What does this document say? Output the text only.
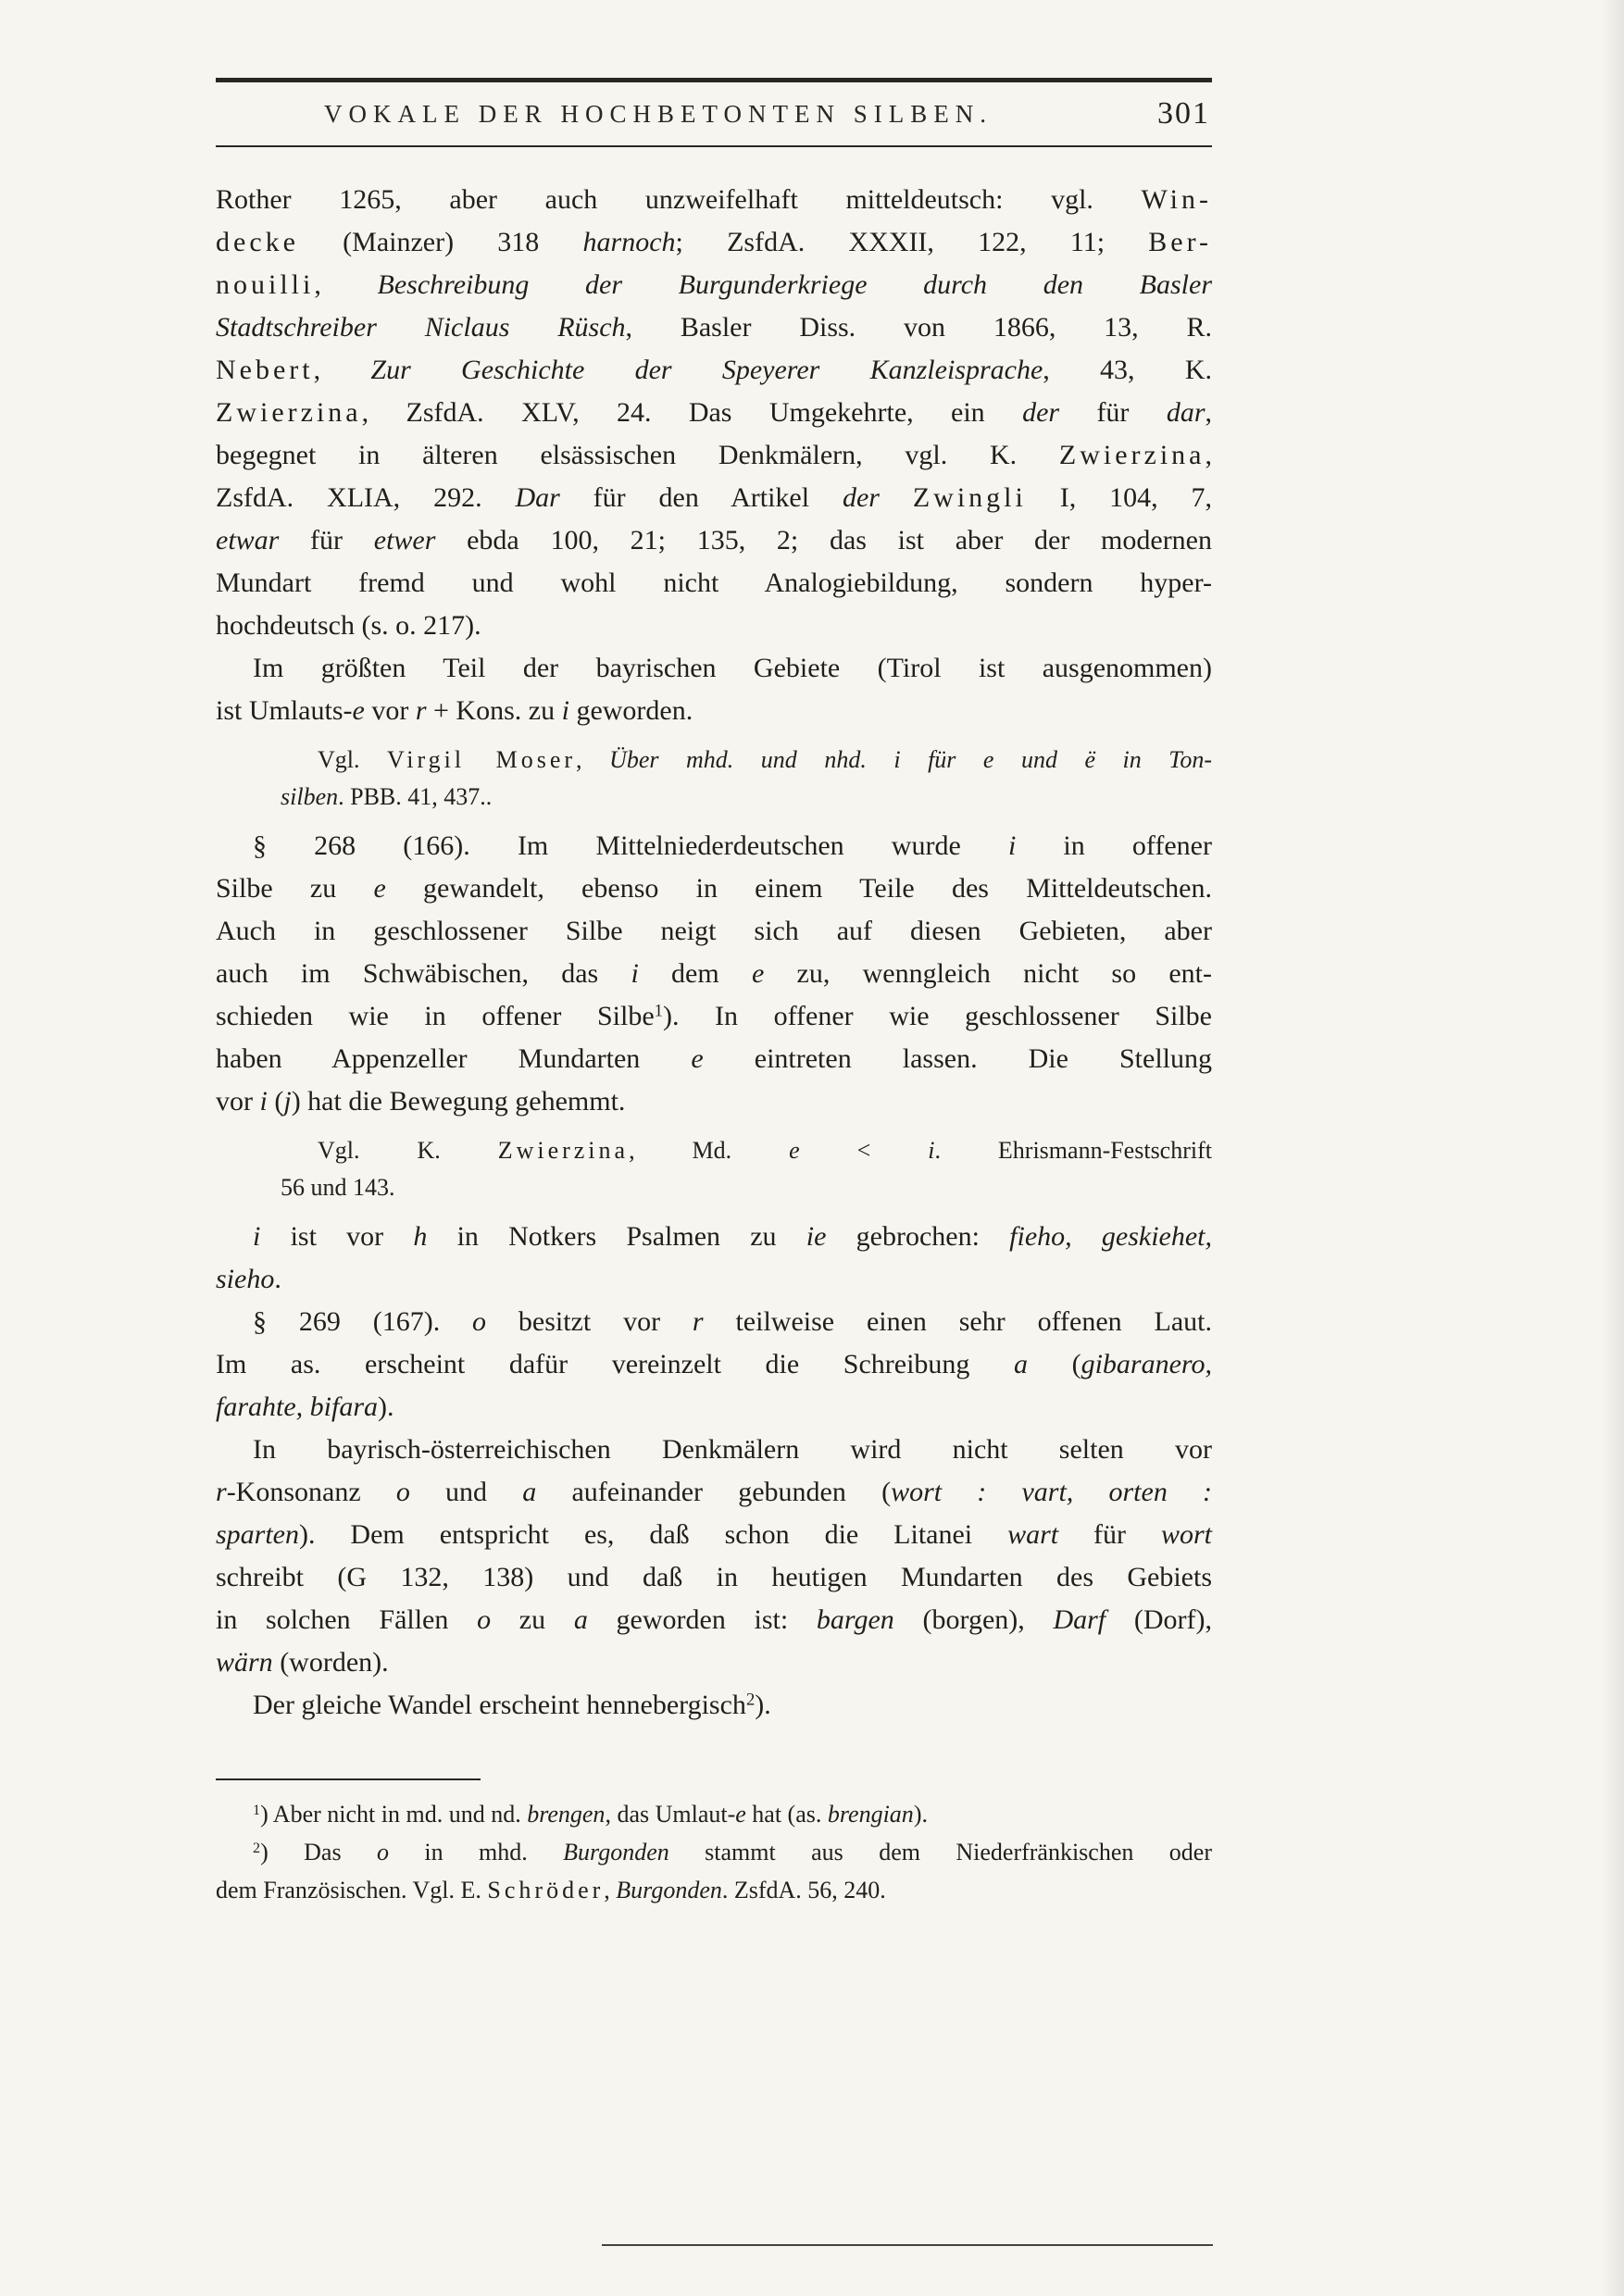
VOKALE DER HOCHBETONTEN SILBEN.	301
Rother 1265, aber auch unzweifelhaft mitteldeutsch: vgl. Win-
decke (Mainzer) 318 harnoch; ZsfdA. XXXII, 122, 11; Ber-
nouilli, Beschreibung der Burgunderkriege durch den Basler
Stadtschreiber Niclaus Rüsch, Basler Diss. von 1866, 13, R.
Nebert, Zur Geschichte der Speyerer Kanzleisprache, 43, K.
Zwierzina, ZsfdA. XLV, 24. Das Umgekehrte, ein der für dar,
begegnet in älteren elsässischen Denkmälern, vgl. K. Zwierzina,
ZsfdA. XLIA, 292. Dar für den Artikel der Zwingli I, 104, 7,
etwar für etwer ebda 100, 21; 135, 2; das ist aber der modernen
Mundart fremd und wohl nicht Analogiebildung, sondern hyper-
hochdeutsch (s. o. 217).
Im größten Teil der bayrischen Gebiete (Tirol ist ausgenommen)
ist Umlauts-e vor r + Kons. zu i geworden.
Vgl. Virgil Moser, Über mhd. und nhd. i für e und ë in Ton-
silben. PBB. 41, 437..
§ 268 (166). Im Mittelniederdeutschen wurde i in offener
Silbe zu e gewandelt, ebenso in einem Teile des Mitteldeutschen.
Auch in geschlossener Silbe neigt sich auf diesen Gebieten, aber
auch im Schwäbischen, das i dem e zu, wenngleich nicht so ent-
schieden wie in offener Silbe$^1$). In offener wie geschlossener Silbe
haben Appenzeller Mundarten e eintreten lassen. Die Stellung
vor i (j) hat die Bewegung gehemmt.
Vgl. K. Zwierzina, Md. e < i. Ehrismann-Festschrift
56 und 143.
i ist vor h in Notkers Psalmen zu ie gebrochen: fieho, geskiehet,
sieho.
§ 269 (167). o besitzt vor r teilweise einen sehr offenen Laut.
Im as. erscheint dafür vereinzelt die Schreibung a (gibaranero,
farahte, bifara).
In bayrisch-österreichischen Denkmälern wird nicht selten vor
r-Konsonanz o und a aufeinander gebunden (wort : vart, orten :
sparten). Dem entspricht es, daß schon die Litanei wart für wort
schreibt (G 132, 138) und daß in heutigen Mundarten des Gebiets
in solchen Fällen o zu a geworden ist: bargen (borgen), Darf (Dorf),
wärn (worden).
Der gleiche Wandel erscheint hennebergisch$^2$).
$^1$) Aber nicht in md. und nd. brengen, das Umlaut-e hat (as. brengian).
$^2$) Das o in mhd. Burgonden stammt aus dem Niederfränkischen oder
dem Französischen. Vgl. E. Schröder, Burgonden. ZsfdA. 56, 240.
